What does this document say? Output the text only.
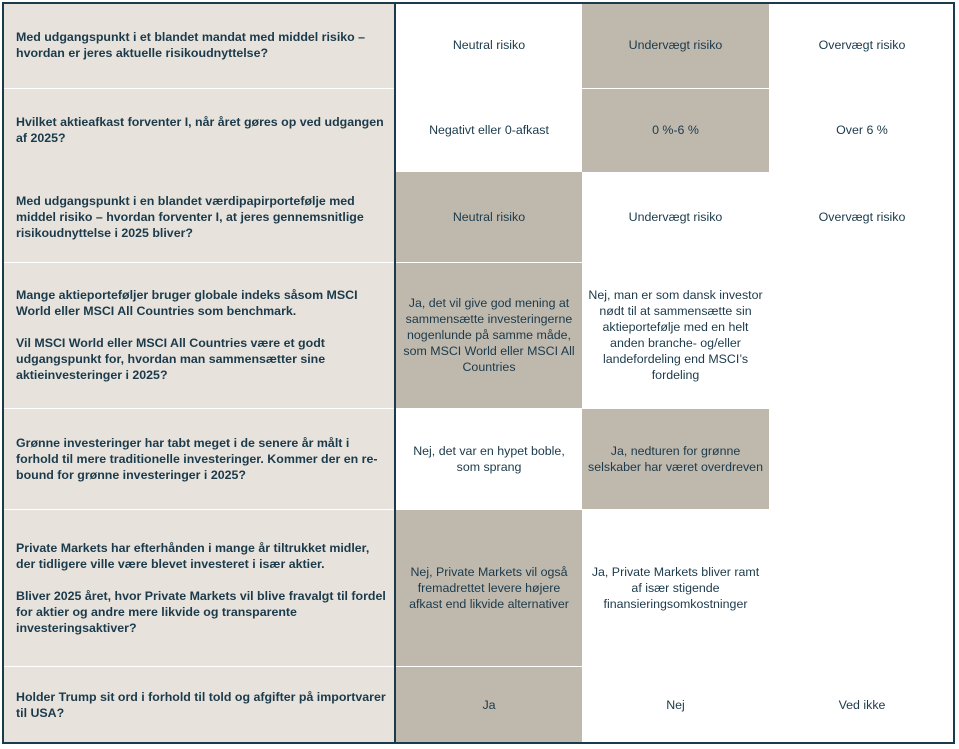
Med udgangspunkt i et blandet mandat med middel risiko – hvordan er jeres aktuelle risikoudnyttelse?	Neutral risiko	Undervægt risiko	Overvægt risiko

Hvilket aktieafkast forventer I, når året gøres op ved udgangen af 2025?	Negativt eller 0-afkast	0 %-6 %	Over 6 %

Med udgangspunkt i en blandet værdipapirportefølje med middel risiko – hvordan forventer I, at jeres gennemsnitlige risikoudnyttelse i 2025 bliver?	Neutral risiko	Undervægt risiko	Overvægt risiko

Mange aktieporteføljer bruger globale indeks såsom MSCI World eller MSCI All Countries som benchmark.
Vil MSCI World eller MSCI All Countries være et godt udgangspunkt for, hvordan man sammensætter sine aktieinvesteringer i 2025?	Ja, det vil give god mening at sammensætte investeringerne nogenlunde på samme måde, som MSCI World eller MSCI All Countries	Nej, man er som dansk investor nødt til at sammensætte sin aktieportefølje med en helt anden branche- og/eller landefordeling end MSCI’s fordeling	

Grønne investeringer har tabt meget i de senere år målt i forhold til mere traditionelle investeringer. Kommer der en re-bound for grønne investeringer i 2025?	Nej, det var en hypet boble, som sprang	Ja, nedturen for grønne selskaber har været overdreven	

Private Markets har efterhånden i mange år tiltrukket midler, der tidligere ville være blevet investeret i især aktier.
Bliver 2025 året, hvor Private Markets vil blive fravalgt til fordel for aktier og andre mere likvide og transparente investeringsaktiver?	Nej, Private Markets vil også fremadrettet levere højere afkast end likvide alternativer	Ja, Private Markets bliver ramt af især stigende finansieringsomkostninger	

Holder Trump sit ord i forhold til told og afgifter på importvarer til USA?	Ja	Nej	Ved ikke
